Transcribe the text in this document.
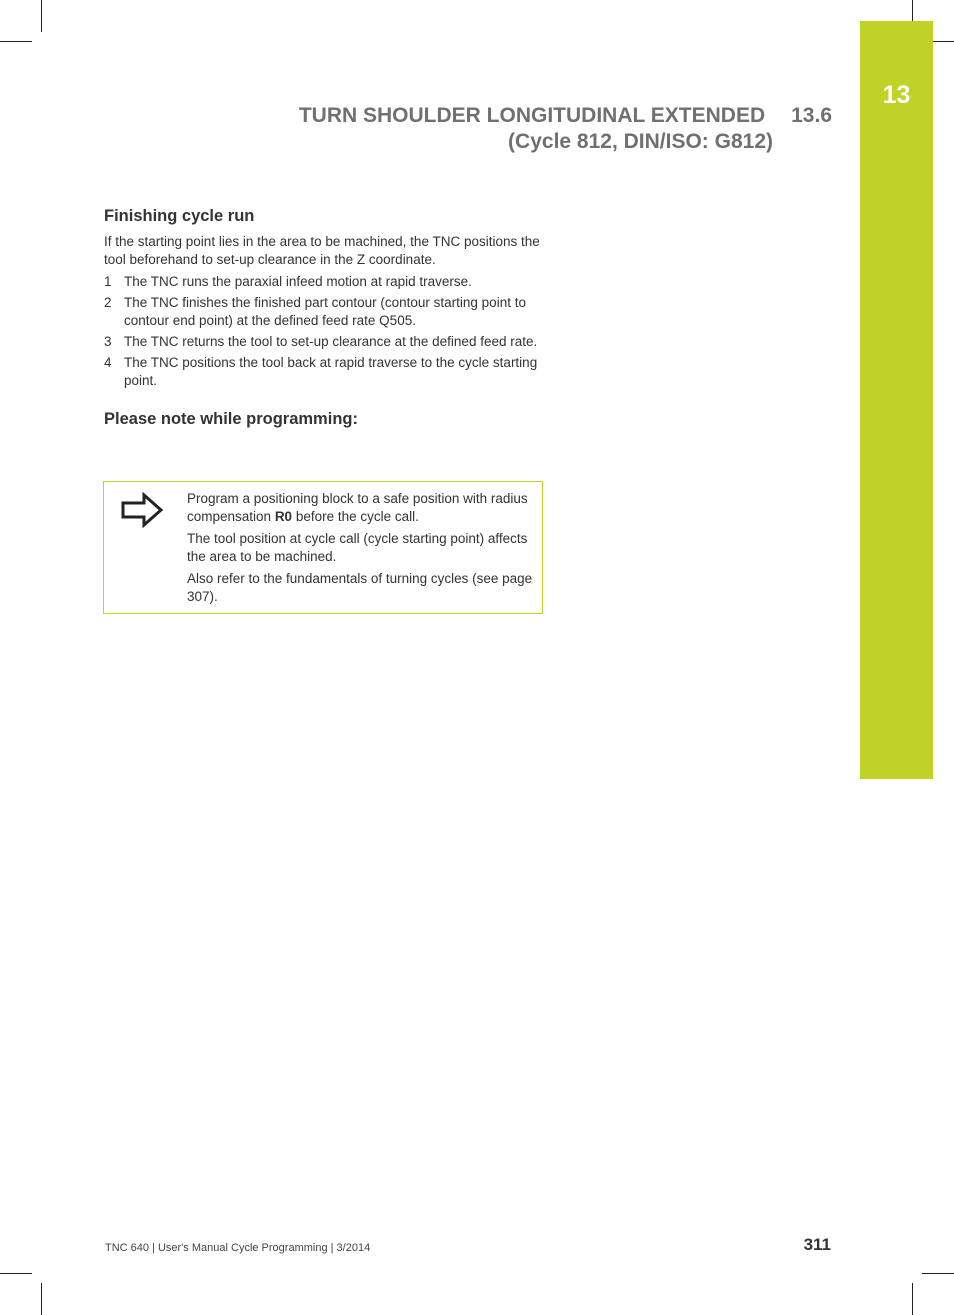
13
TURN SHOULDER LONGITUDINAL EXTENDED 13.6
(Cycle 812, DIN/ISO: G812)
Finishing cycle run

If the starting point lies in the area to be machined, the TNC positions the tool beforehand to set-up clearance in the Z coordinate.

1 The TNC runs the paraxial infeed motion at rapid traverse.
2 The TNC finishes the finished part contour (contour starting point to contour end point) at the defined feed rate Q505.
3 The TNC returns the tool to set-up clearance at the defined feed rate.
4 The TNC positions the tool back at rapid traverse to the cycle starting point.
Please note while programming:

Program a positioning block to a safe position with radius compensation R0 before the cycle call.

The tool position at cycle call (cycle starting point) affects the area to be machined.

Also refer to the fundamentals of turning cycles (see page 307).

TNC 640 | User's Manual Cycle Programming | 3/2014	311
